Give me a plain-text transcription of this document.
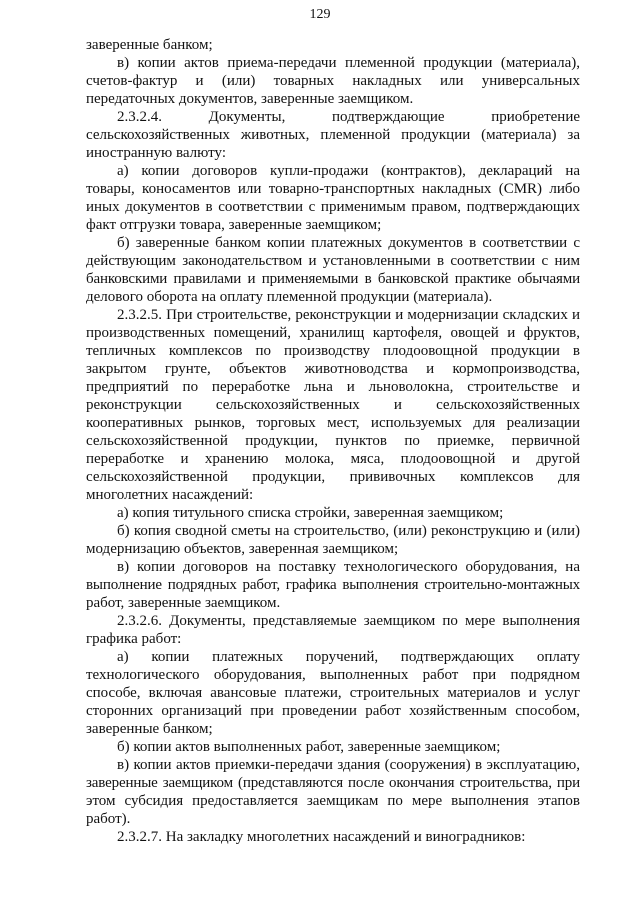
129
заверенные банком;
в) копии актов приема-передачи племенной продукции (материала),
счетов-фактур и (или) товарных накладных или универсальных
передаточных документов, заверенные заемщиком.
2.3.2.4. Документы, подтверждающие приобретение
сельскохозяйственных животных, племенной продукции (материала) за
иностранную валюту:
а) копии договоров купли-продажи (контрактов), деклараций на
товары, коносаментов или товарно-транспортных накладных (CMR) либо
иных документов в соответствии с применимым правом, подтверждающих
факт отгрузки товара, заверенные заемщиком;
б) заверенные банком копии платежных документов в соответствии с
действующим законодательством и установленными в соответствии с ним
банковскими правилами и применяемыми в банковской практике обычаями
делового оборота на оплату племенной продукции (материала).
2.3.2.5. При строительстве, реконструкции и модернизации складских и
производственных помещений, хранилищ картофеля, овощей и фруктов,
тепличных комплексов по производству плодоовощной продукции в
закрытом грунте, объектов животноводства и кормопроизводства,
предприятий по переработке льна и льноволокна, строительстве и
реконструкции сельскохозяйственных и сельскохозяйственных
кооперативных рынков, торговых мест, используемых для реализации
сельскохозяйственной продукции, пунктов по приемке, первичной
переработке и хранению молока, мяса, плодоовощной и другой
сельскохозяйственной продукции, прививочных комплексов для
многолетних насаждений:
а) копия титульного списка стройки, заверенная заемщиком;
б) копия сводной сметы на строительство, (или) реконструкцию и (или)
модернизацию объектов, заверенная заемщиком;
в) копии договоров на поставку технологического оборудования, на
выполнение подрядных работ, графика выполнения строительно-монтажных
работ, заверенные заемщиком.
2.3.2.6. Документы, представляемые заемщиком по мере выполнения
графика работ:
а) копии платежных поручений, подтверждающих оплату
технологического оборудования, выполненных работ при подрядном
способе, включая авансовые платежи, строительных материалов и услуг
сторонних организаций при проведении работ хозяйственным способом,
заверенные банком;
б) копии актов выполненных работ, заверенные заемщиком;
в) копии актов приемки-передачи здания (сооружения) в эксплуатацию,
заверенные заемщиком (представляются после окончания строительства, при
этом субсидия предоставляется заемщикам по мере выполнения этапов
работ).
2.3.2.7. На закладку многолетних насаждений и виноградников:
